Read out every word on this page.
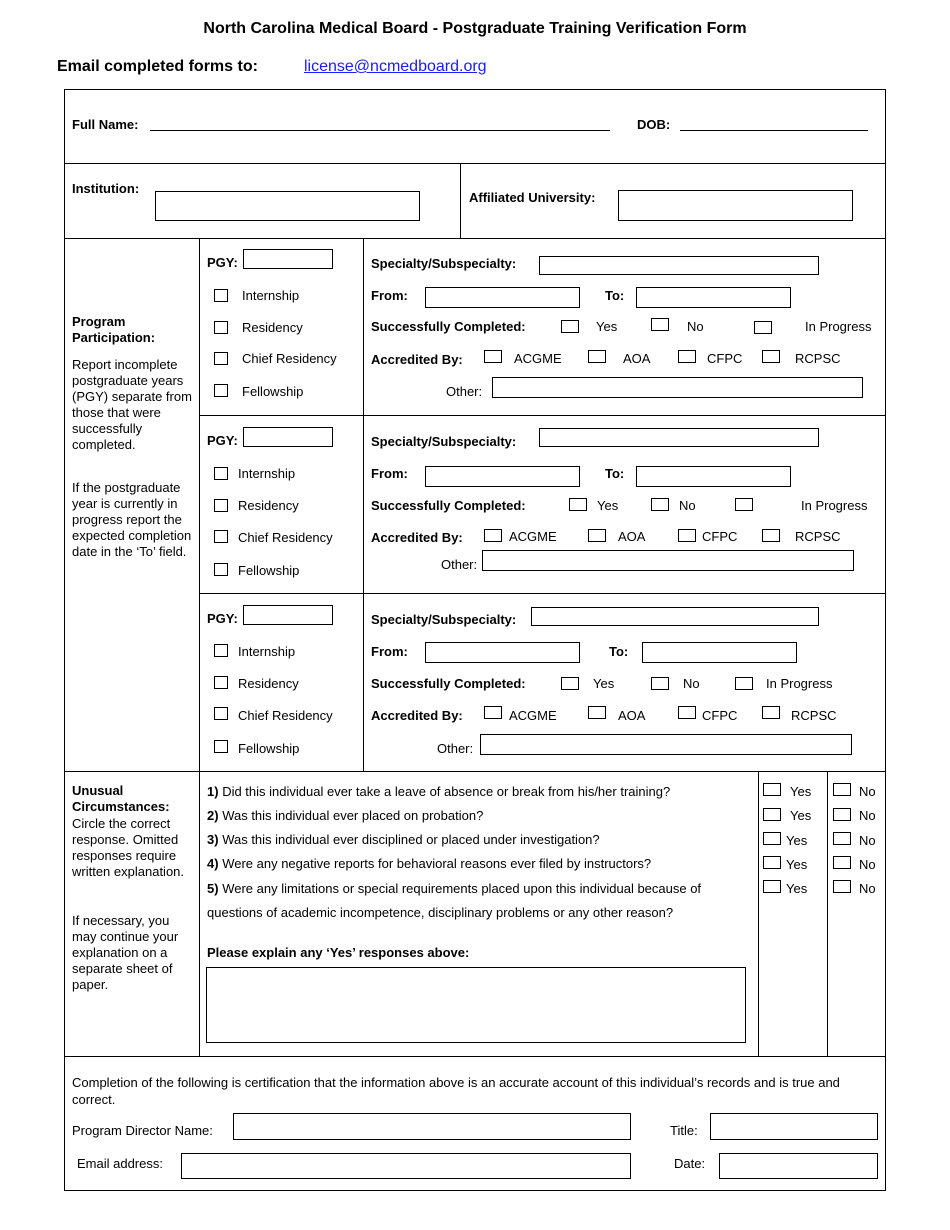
North Carolina Medical Board - Postgraduate Training Verification Form
Email completed forms to:	license@ncmedboard.org
Full Name:	DOB:
Institution:
Affiliated University:
Program Participation:
Report incomplete postgraduate years (PGY) separate from those that were successfully completed.
If the postgraduate year is currently in progress report the expected completion date in the ‘To’ field.
PGY:
Internship
Residency
Chief Residency
Fellowship
Specialty/Subspecialty:
From:	To:
Successfully Completed:	Yes	No	In Progress
Accredited By:	ACGME	AOA	CFPC	RCPSC
Other:
PGY:
Internship
Residency
Chief Residency
Fellowship
Specialty/Subspecialty:
From:	To:
Successfully Completed:	Yes	No	In Progress
Accredited By:	ACGME	AOA	CFPC	RCPSC
Other:
PGY:
Internship
Residency
Chief Residency
Fellowship
Specialty/Subspecialty:
From:	To:
Successfully Completed:	Yes	No	In Progress
Accredited By:	ACGME	AOA	CFPC	RCPSC
Other:
Unusual Circumstances:
Circle the correct response. Omitted responses require written explanation.
If necessary, you may continue your explanation on a separate sheet of paper.
1) Did this individual ever take a leave of absence or break from his/her training?
2) Was this individual ever placed on probation?
3) Was this individual ever disciplined or placed under investigation?
4) Were any negative reports for behavioral reasons ever filed by instructors?
5) Were any limitations or special requirements placed upon this individual because of
questions of academic incompetence, disciplinary problems or any other reason?
Yes	No
Yes	No
Yes	No
Yes	No
Yes	No
Please explain any ‘Yes’ responses above:
Completion of the following is certification that the information above is an accurate account of this individual’s records and is true and correct.
Program Director Name:	Title:
Email address:	Date:
